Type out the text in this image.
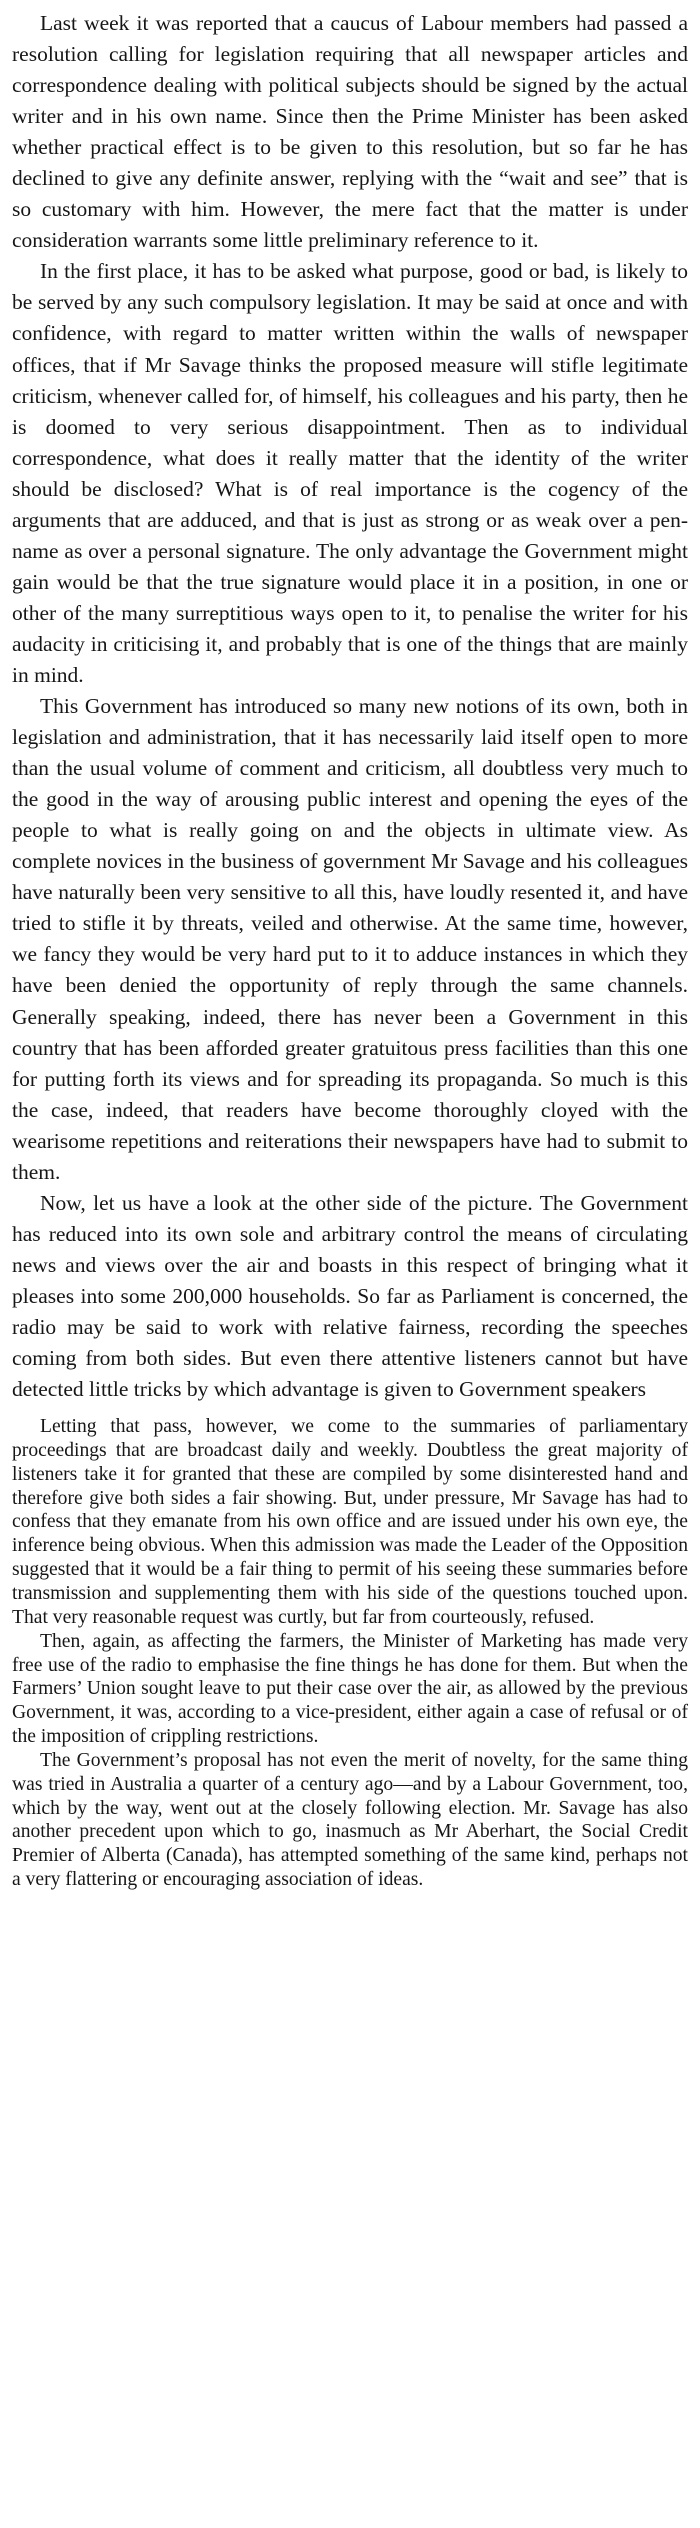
Last week it was reported that a caucus of Labour members had passed a resolution calling for legislation requiring that all newspaper articles and correspondence dealing with political subjects should be signed by the actual writer and in his own name. Since then the Prime Minister has been asked whether practical effect is to be given to this resolution, but so far he has declined to give any definite answer, replying with the “wait and see” that is so customary with him. However, the mere fact that the matter is under consideration warrants some little preliminary reference to it.

In the first place, it has to be asked what purpose, good or bad, is likely to be served by any such compulsory legislation. It may be said at once and with confidence, with regard to matter written within the walls of newspaper offices, that if Mr Savage thinks the proposed measure will stifle legitimate criticism, whenever called for, of himself, his colleagues and his party, then he is doomed to very serious disappointment. Then as to individual correspondence, what does it really matter that the identity of the writer should be disclosed? What is of real importance is the cogency of the arguments that are adduced, and that is just as strong or as weak over a pen-name as over a personal signature. The only advantage the Government might gain would be that the true signature would place it in a position, in one or other of the many surreptitious ways open to it, to penalise the writer for his audacity in criticising it, and probably that is one of the things that are mainly in mind.

This Government has introduced so many new notions of its own, both in legislation and administration, that it has necessarily laid itself open to more than the usual volume of comment and criticism, all doubtless very much to the good in the way of arousing public interest and opening the eyes of the people to what is really going on and the objects in ultimate view. As complete novices in the business of government Mr Savage and his colleagues have naturally been very sensitive to all this, have loudly resented it, and have tried to stifle it by threats, veiled and otherwise. At the same time, however, we fancy they would be very hard put to it to adduce instances in which they have been denied the opportunity of reply through the same channels. Generally speaking, indeed, there has never been a Government in this country that has been afforded greater gratuitous press facilities than this one for putting forth its views and for spreading its propaganda. So much is this the case, indeed, that readers have become thoroughly cloyed with the wearisome repetitions and reiterations their newspapers have had to submit to them.

Now, let us have a look at the other side of the picture. The Government has reduced into its own sole and arbitrary control the means of circulating news and views over the air and boasts in this respect of bringing what it pleases into some 200,000 households. So far as Parliament is concerned, the radio may be said to work with relative fairness, recording the speeches coming from both sides. But even there attentive listeners cannot but have detected little tricks by which advantage is given to Government speakers

Letting that pass, however, we come to the summaries of parliamentary proceedings that are broadcast daily and weekly. Doubtless the great majority of listeners take it for granted that these are compiled by some disinterested hand and therefore give both sides a fair showing. But, under pressure, Mr Savage has had to confess that they emanate from his own office and are issued under his own eye, the inference being obvious. When this admission was made the Leader of the Opposition suggested that it would be a fair thing to permit of his seeing these summaries before transmission and supplementing them with his side of the questions touched upon. That very reasonable request was curtly, but far from courteously, refused.

Then, again, as affecting the farmers, the Minister of Marketing has made very free use of the radio to emphasise the fine things he has done for them. But when the Farmers’ Union sought leave to put their case over the air, as allowed by the previous Government, it was, according to a vice-president, either again a case of refusal or of the imposition of crippling restrictions.

The Government’s proposal has not even the merit of novelty, for the same thing was tried in Australia a quarter of a century ago—and by a Labour Government, too, which by the way, went out at the closely following election. Mr. Savage has also another precedent upon which to go, inasmuch as Mr Aberhart, the Social Credit Premier of Alberta (Canada), has attempted something of the same kind, perhaps not a very flattering or encouraging association of ideas.
